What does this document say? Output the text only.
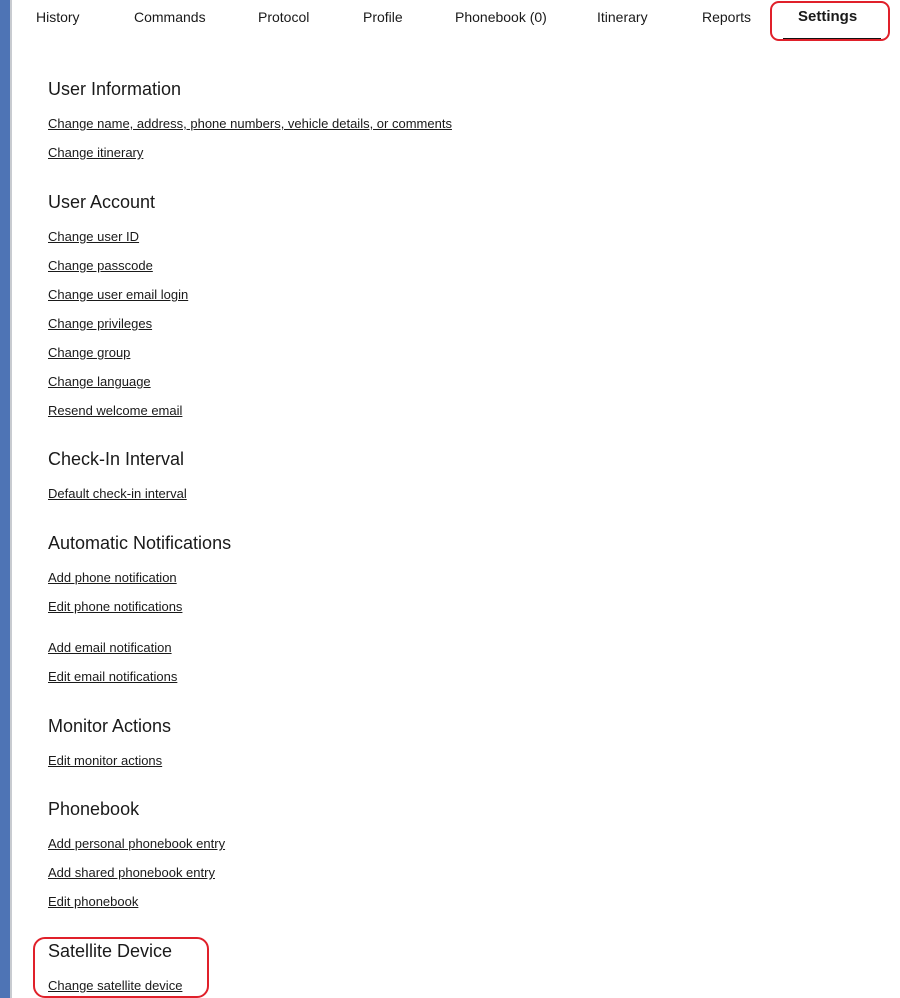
History	Commands	Protocol	Profile	Phonebook (0)	Itinerary	Reports	Settings
User Information
Change name, address, phone numbers, vehicle details, or comments
Change itinerary
User Account
Change user ID
Change passcode
Change user email login
Change privileges
Change group
Change language
Resend welcome email
Check-In Interval
Default check-in interval
Automatic Notifications
Add phone notification
Edit phone notifications
Add email notification
Edit email notifications
Monitor Actions
Edit monitor actions
Phonebook
Add personal phonebook entry
Add shared phonebook entry
Edit phonebook
Satellite Device
Change satellite device
